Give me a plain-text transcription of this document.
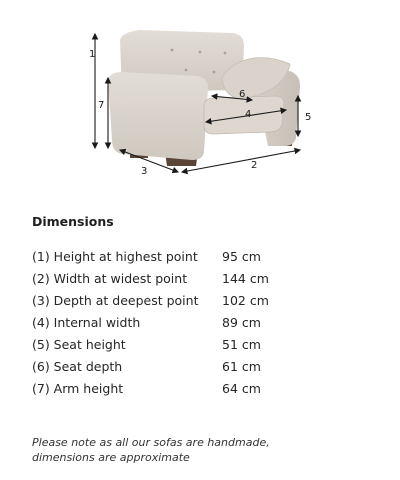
1
7
6
4	5
3
2
Dimensions
(1) Height at highest point	95 cm
(2) Width at widest point	144 cm
(3) Depth at deepest point	102 cm
(4) Internal width	89 cm
(5) Seat height	51 cm
(6) Seat depth	61 cm
(7) Arm height	64 cm
Please note as all our sofas are handmade,
dimensions are approximate
